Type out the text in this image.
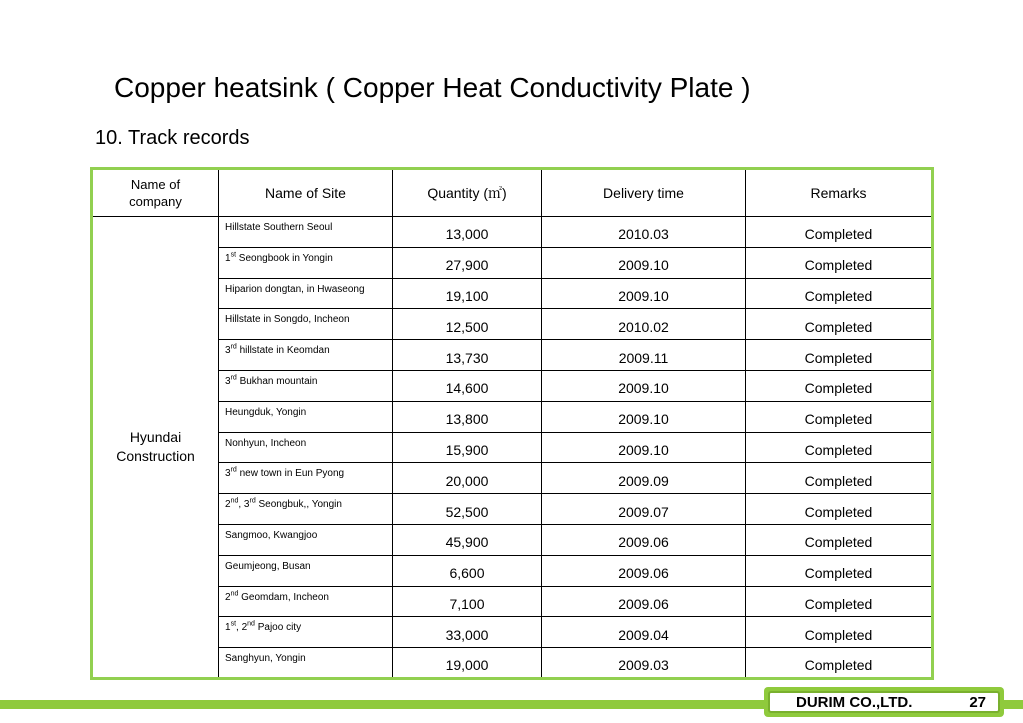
Copper heatsink ( Copper Heat Conductivity Plate )
10. Track records
Name of
company	Name of Site	Quantity (㎡)	Delivery time	Remarks

Hyundai
Construction	Hillstate Southern Seoul	13,000	2010.03	Completed
	1st Seongbook in Yongin	27,900	2009.10	Completed
	Hiparion dongtan, in Hwaseong	19,100	2009.10	Completed
	Hillstate in Songdo, Incheon	12,500	2010.02	Completed
	3rd hillstate in Keomdan	13,730	2009.11	Completed
	3rd Bukhan mountain	14,600	2009.10	Completed
	Heungduk, Yongin	13,800	2009.10	Completed
	Nonhyun, Incheon	15,900	2009.10	Completed
	3rd new town in Eun Pyong	20,000	2009.09	Completed
	2nd, 3rd Seongbuk,, Yongin	52,500	2009.07	Completed
	Sangmoo, Kwangjoo	45,900	2009.06	Completed
	Geumjeong, Busan	6,600	2009.06	Completed
	2nd Geomdam, Incheon	7,100	2009.06	Completed
	1st, 2nd Pajoo city	33,000	2009.04	Completed
	Sanghyun, Yongin	19,000	2009.03	Completed
DURIM CO.,LTD.	27
